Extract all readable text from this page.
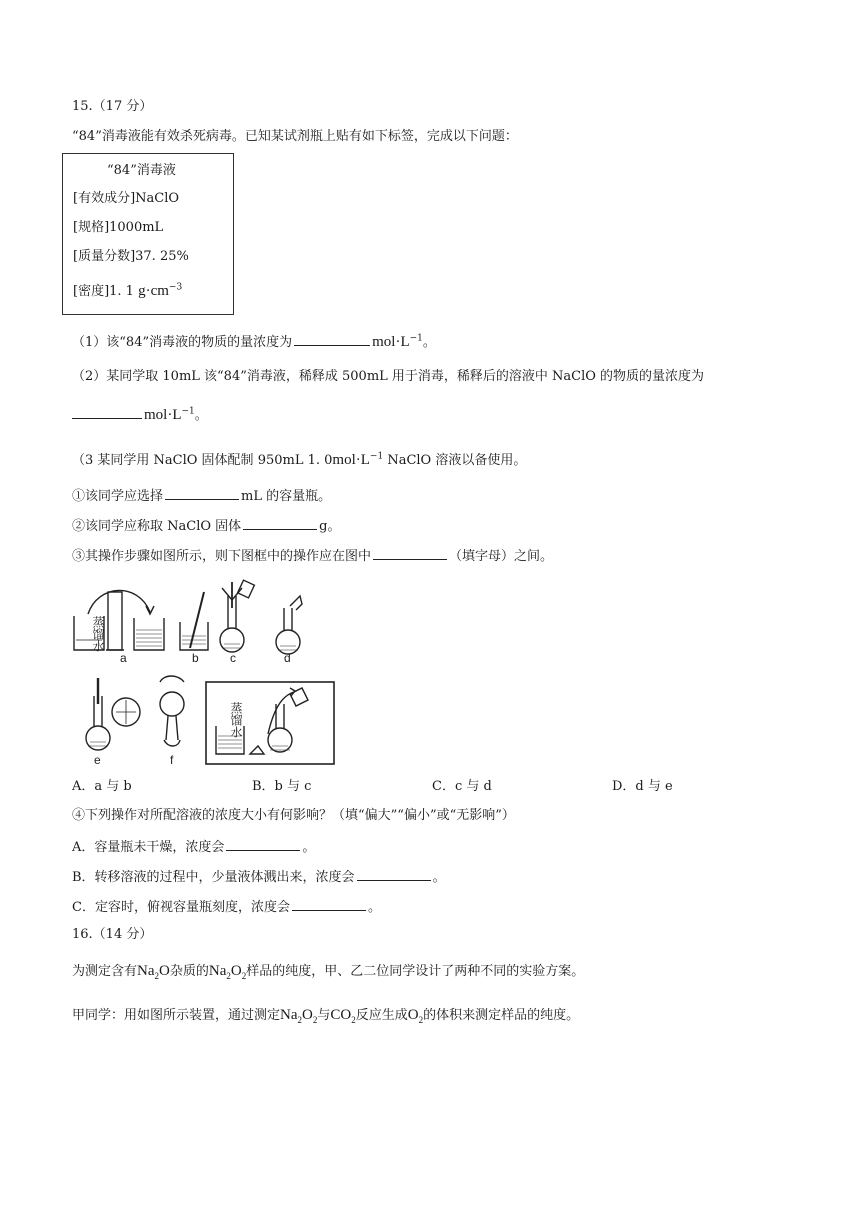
15.（17 分）
“84”消毒液能有效杀死病毒。已知某试剂瓶上贴有如下标签，完成以下问题：
“84”消毒液
[有效成分]NaClO
[规格]1000mL
[质量分数]37. 25%
[密度]1. 1 $g\cdot cm^{-3}$
（1）该“84”消毒液的物质的量浓度为	$mol\cdot L^{-1}$。
（2）某同学取 10mL 该“84”消毒液，稀释成 500mL 用于消毒，稀释后的溶液中 NaClO 的物质的量浓度为
$mol\cdot L^{-1}$。
（3 某同学用 NaClO 固体配制 950mL 1. $0mol\cdot L^{-1}$ NaClO 溶液以备使用。
①该同学应选择	mL 的容量瓶。
②该同学应称取 NaClO 固体	g。
③其操作步骤如图所示，则下图框中的操作应在图中	（填字母）之间。
蒸馏水
蒸馏水
a	b	c	d
e	f
A．a 与 b	B．b 与 c	C．c 与 d	D．d 与 e
④下列操作对所配溶液的浓度大小有何影响？（填“偏大”“偏小”或“无影响”）
A．容量瓶未干燥，浓度会	。
B．转移溶液的过程中，少量液体溅出来，浓度会	。
C．定容时，俯视容量瓶刻度，浓度会	。
16.（14 分）
为测定含有$Na_2O$杂质的$Na_2O_2$样品的纯度，甲、乙二位同学设计了两种不同的实验方案。
甲同学：用如图所示装置，通过测定$Na_2O_2$与$CO_2$反应生成$O_2$的体积来测定样品的纯度。
